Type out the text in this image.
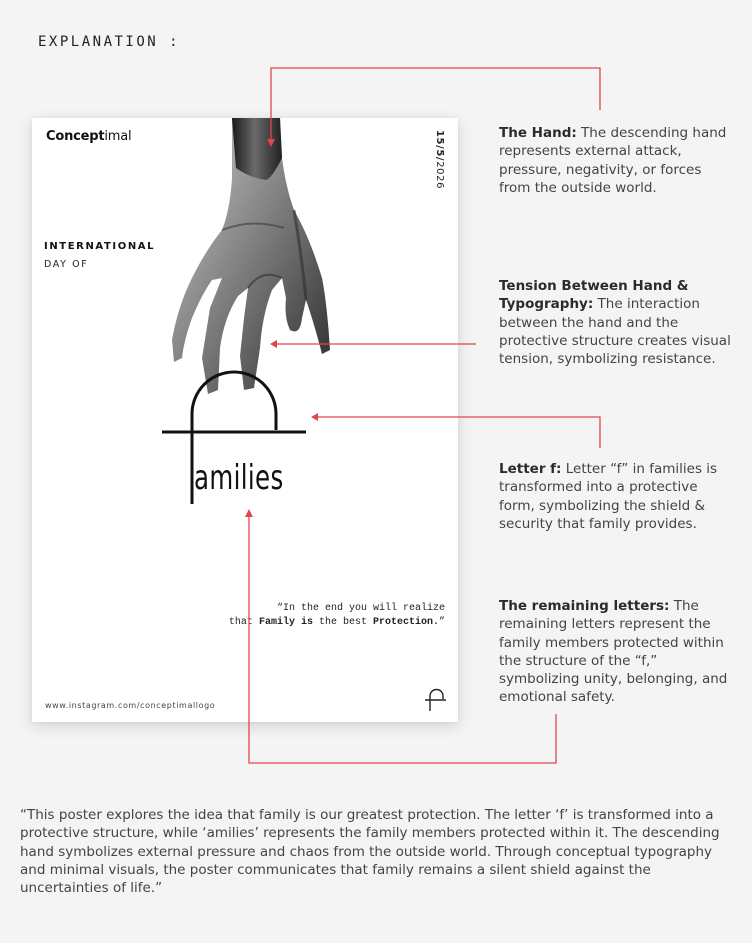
EXPLANATION :
Conceptimal	15/5/2026
INTERNATIONAL
DAY OF
amilies
“In the end you will realize
that Family is the best Protection.”
www.instagram.com/conceptimallogo
The Hand: The descending hand represents external attack, pressure, negativity, or forces from the outside world.
Tension Between Hand & Typography: The interaction between the hand and the protective structure creates visual tension, symbolizing resistance.
Letter f: Letter “f” in families is transformed into a protective form, symbolizing the shield & security that family provides.
The remaining letters: The remaining letters represent the family members protected within the structure of the “f,” symbolizing unity, belonging, and emotional safety.
“This poster explores the idea that family is our greatest protection. The letter ‘f’ is transformed into a protective structure, while ‘amilies’ represents the family members protected within it. The descending hand symbolizes external pressure and chaos from the outside world. Through conceptual typography and minimal visuals, the poster communicates that family remains a silent shield against the uncertainties of life.”
